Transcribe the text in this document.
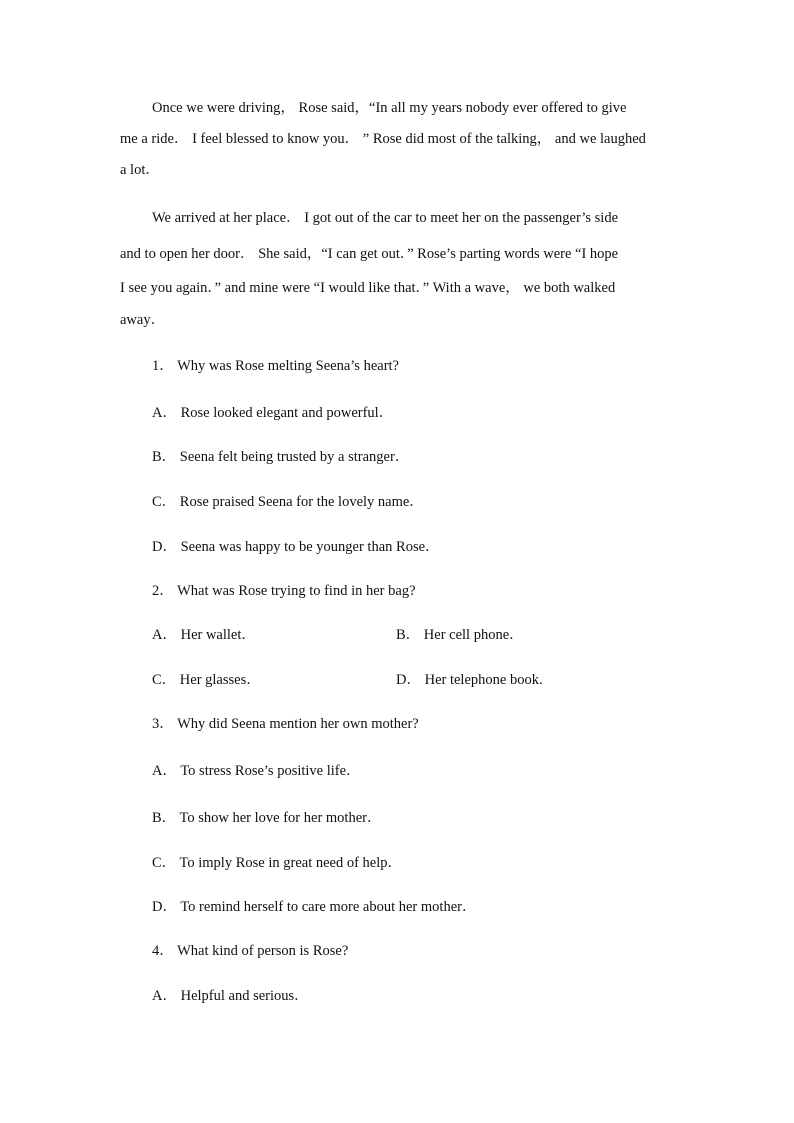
Once we were driving， Rose said，“In all my years nobody ever offered to give
me a ride． I feel blessed to know you． ” Rose did most of the talking， and we laughed
a lot．
We arrived at her place． I got out of the car to meet her on the passenger’s side
and to open her door． She said，“I can get out．” Rose’s parting words were “I hope
I see you again．” and mine were “I would like that．” With a wave， we both walked
away．
1． Why was Rose melting Seena’s heart?
A． Rose looked elegant and powerful．
B． Seena felt being trusted by a stranger．
C． Rose praised Seena for the lovely name．
D． Seena was happy to be younger than Rose．
2． What was Rose trying to find in her bag?
A． Her wallet．	B． Her cell phone．
C． Her glasses．	D． Her telephone book.
3． Why did Seena mention her own mother?
A． To stress Rose’s positive life．
B． To show her love for her mother．
C． To imply Rose in great need of help．
D． To remind herself to care more about her mother．
4． What kind of person is Rose?
A． Helpful and serious．
